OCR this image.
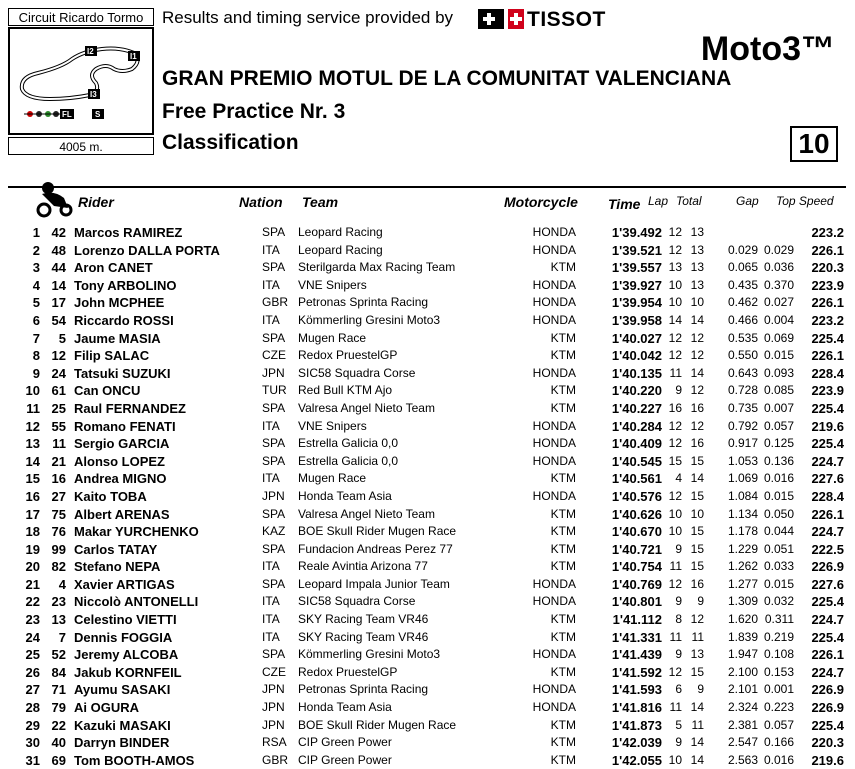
Circuit Ricardo Tormo
I2
I1
I3
FL	S
4005 m.
Results and timing service provided by	TISSOT
Moto3™
GRAN PREMIO MOTUL DE LA COMUNITAT VALENCIANA
Free Practice Nr. 3
Classification	10
Rider	Nation Team	Motorcycle Time Lap Total	Gap Top Speed
1 42 Marcos RAMIREZ	SPA Leopard Racing	HONDA	1'39.492 12 13	223.2
2 48 Lorenzo DALLA PORTA	ITA Leopard Racing	HONDA	1'39.521 12 13	0.029 0.029	226.1
3 44 Aron CANET	SPA Sterilgarda Max Racing Team	KTM	1'39.557 13 13	0.065 0.036	220.3
4 14 Tony ARBOLINO	ITA VNE Snipers	HONDA	1'39.927 10 13	0.435 0.370	223.9
5 17 John MCPHEE	GBR Petronas Sprinta Racing	HONDA	1'39.954 10 10	0.462 0.027	226.1
6 54 Riccardo ROSSI	ITA Kömmerling Gresini Moto3	HONDA	1'39.958 14 14	0.466 0.004	223.2
7	5 Jaume MASIA	SPA Mugen Race	KTM	1'40.027 12 12	0.535 0.069	225.4
8 12 Filip SALAC	CZE Redox PruestelGP	KTM	1'40.042 12 12	0.550 0.015	226.1
9 24 Tatsuki SUZUKI	JPN SIC58 Squadra Corse	HONDA	1'40.135 11 14	0.643 0.093	228.4
10 61 Can ONCU	TUR Red Bull KTM Ajo	KTM	1'40.220	9 12	0.728 0.085	223.9
11 25 Raul FERNANDEZ	SPA Valresa Angel Nieto Team	KTM	1'40.227 16 16	0.735 0.007	225.4
12 55 Romano FENATI	ITA VNE Snipers	HONDA	1'40.284 12 12	0.792 0.057	219.6
13 11 Sergio GARCIA	SPA Estrella Galicia 0,0	HONDA	1'40.409 12 16	0.917 0.125	225.4
14 21 Alonso LOPEZ	SPA Estrella Galicia 0,0	HONDA	1'40.545 15 15	1.053 0.136	224.7
15 16 Andrea MIGNO	ITA Mugen Race	KTM	1'40.561	4 14	1.069 0.016	227.6
16 27 Kaito TOBA	JPN Honda Team Asia	HONDA	1'40.576 12 15	1.084 0.015	228.4
17 75 Albert ARENAS	SPA Valresa Angel Nieto Team	KTM	1'40.626 10 10	1.134 0.050	226.1
18 76 Makar YURCHENKO	KAZ BOE Skull Rider Mugen Race	KTM	1'40.670 10 15	1.178 0.044	224.7
19 99 Carlos TATAY	SPA Fundacion Andreas Perez 77	KTM	1'40.721	9 15	1.229 0.051	222.5
20 82 Stefano NEPA	ITA Reale Avintia Arizona 77	KTM	1'40.754 11 15	1.262 0.033	226.9
21	4 Xavier ARTIGAS	SPA Leopard Impala Junior Team	HONDA	1'40.769 12 16	1.277 0.015	227.6
22 23 Niccolò ANTONELLI	ITA SIC58 Squadra Corse	HONDA	1'40.801	9	9	1.309 0.032	225.4
23 13 Celestino VIETTI	ITA SKY Racing Team VR46	KTM	1'41.112	8 12	1.620 0.311	224.7
24	7 Dennis FOGGIA	ITA SKY Racing Team VR46	KTM	1'41.331 11 11	1.839 0.219	225.4
25 52 Jeremy ALCOBA	SPA Kömmerling Gresini Moto3	HONDA	1'41.439	9 13	1.947 0.108	226.1
26 84 Jakub KORNFEIL	CZE Redox PruestelGP	KTM	1'41.592 12 15	2.100 0.153	224.7
27 71 Ayumu SASAKI	JPN Petronas Sprinta Racing	HONDA	1'41.593	6	9	2.101 0.001	226.9
28 79 Ai OGURA	JPN Honda Team Asia	HONDA	1'41.816 11 14	2.324 0.223	226.9
29 22 Kazuki MASAKI	JPN BOE Skull Rider Mugen Race	KTM	1'41.873	5 11	2.381 0.057	225.4
30 40 Darryn BINDER	RSA CIP Green Power	KTM	1'42.039	9 14	2.547 0.166	220.3
31 69 Tom BOOTH-AMOS	GBR CIP Green Power	KTM	1'42.055 10 14	2.563 0.016	219.6
